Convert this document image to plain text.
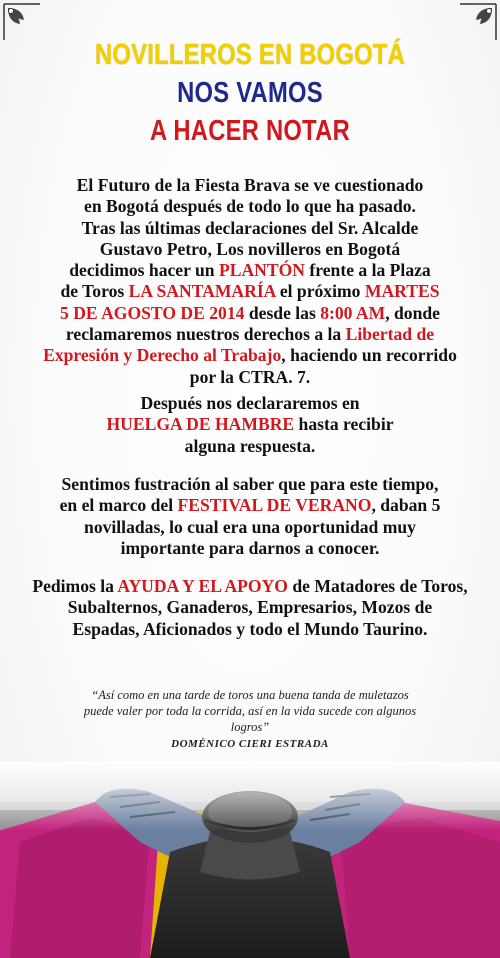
NOVILLEROS EN BOGOTÁ
NOS VAMOS
A HACER NOTAR
El Futuro de la Fiesta Brava se ve cuestionado
en Bogotá después de todo lo que ha pasado.
Tras las últimas declaraciones del Sr. Alcalde
Gustavo Petro, Los novilleros en Bogotá
decidimos hacer un PLANTÓN frente a la Plaza
de Toros LA SANTAMARÍA el próximo MARTES
5 DE AGOSTO DE 2014 desde las 8:00 AM, donde
reclamaremos nuestros derechos a la Libertad de
Expresión y Derecho al Trabajo, haciendo un recorrido
por la CTRA. 7.
Después nos declararemos en
HUELGA DE HAMBRE hasta recibir
alguna respuesta.
Sentimos fustración al saber que para este tiempo,
en el marco del FESTIVAL DE VERANO, daban 5
novilladas, lo cual era una oportunidad muy
importante para darnos a conocer.
Pedimos la AYUDA Y EL APOYO de Matadores de Toros,
Subalternos, Ganaderos, Empresarios, Mozos de
Espadas, Aficionados y todo el Mundo Taurino.
“Así como en una tarde de toros una buena tanda de muletazos
puede valer por toda la corrida, así en la vida sucede con algunos
logros”
DOMÉNICO CIERI ESTRADA
